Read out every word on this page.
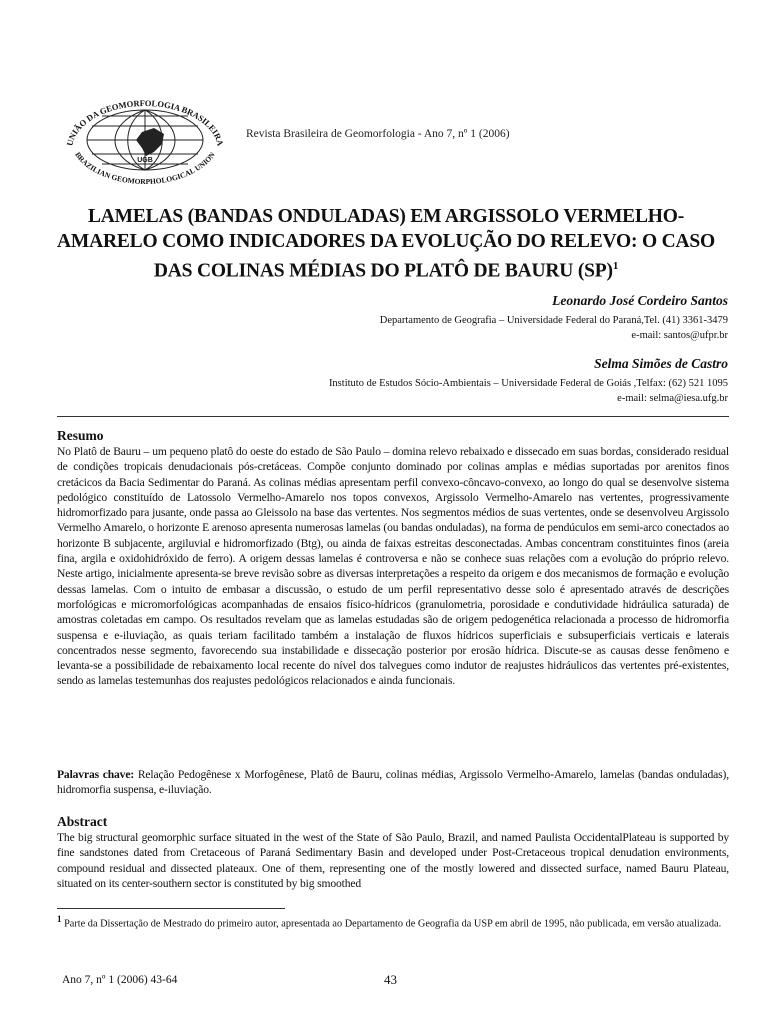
UNIÃO DA GEOMORFOLOGIA BRASILEIRA
BRAZILIAN GEOMORPHOLOGICAL UNION
UGB
Revista Brasileira de Geomorfologia - Ano 7, nº 1 (2006)
LAMELAS (BANDAS ONDULADAS) EM ARGISSOLO VERMELHO-AMARELO COMO INDICADORES DA EVOLUÇÃO DO RELEVO: O CASO DAS COLINAS MÉDIAS DO PLATÔ DE BAURU (SP)$^1$
Leonardo José Cordeiro Santos
Departamento de Geografia – Universidade Federal do Paraná,Tel. (41) 3361-3479
e-mail: santos@ufpr.br
Selma Simões de Castro
Instituto de Estudos Sócio-Ambientais – Universidade Federal de Goiás ,Telfax: (62) 521 1095
e-mail: selma@iesa.ufg.br
Resumo
No Platô de Bauru – um pequeno platô do oeste do estado de São Paulo – domina relevo rebaixado e dissecado em suas bordas, considerado residual de condições tropicais denudacionais pós-cretáceas. Compõe conjunto dominado por colinas amplas e médias suportadas por arenitos finos cretácicos da Bacia Sedimentar do Paraná. As colinas médias apresentam perfil convexo-côncavo-convexo, ao longo do qual se desenvolve sistema pedológico constituído de Latossolo Vermelho-Amarelo nos topos convexos, Argissolo Vermelho-Amarelo nas vertentes, progressivamente hidromorfizado para jusante, onde passa ao Gleissolo na base das vertentes. Nos segmentos médios de suas vertentes, onde se desenvolveu Argissolo Vermelho Amarelo, o horizonte E arenoso apresenta numerosas lamelas (ou bandas onduladas), na forma de pendúculos em semi-arco conectados ao horizonte B subjacente, argiluvial e hidromorfizado (Btg), ou ainda de faixas estreitas desconectadas. Ambas concentram constituintes finos (areia fina, argila e oxidohidróxido de ferro). A origem dessas lamelas é controversa e não se conhece suas relações com a evolução do próprio relevo. Neste artigo, inicialmente apresenta-se breve revisão sobre as diversas interpretações a respeito da origem e dos mecanismos de formação e evolução dessas lamelas. Com o intuito de embasar a discussão, o estudo de um perfil representativo desse solo é apresentado através de descrições morfológicas e micromorfológicas acompanhadas de ensaios físico-hídricos (granulometria, porosidade e condutividade hidráulica saturada) de amostras coletadas em campo. Os resultados revelam que as lamelas estudadas são de origem pedogenética relacionada a processo de hidromorfia suspensa e e-iluviação, as quais teriam facilitado também a instalação de fluxos hídricos superficiais e subsuperficiais verticais e laterais concentrados nesse segmento, favorecendo sua instabilidade e dissecação posterior por erosão hídrica. Discute-se as causas desse fenômeno e levanta-se a possibilidade de rebaixamento local recente do nível dos talvegues como indutor de reajustes hidráulicos das vertentes pré-existentes, sendo as lamelas testemunhas dos reajustes pedológicos relacionados e ainda funcionais.
Palavras chave: Relação Pedogênese x Morfogênese, Platô de Bauru, colinas médias, Argissolo Vermelho-Amarelo, lamelas (bandas onduladas), hidromorfia suspensa, e-iluviação.
Abstract
The big structural geomorphic surface situated in the west of the State of São Paulo, Brazil, and named Paulista OccidentalPlateau is supported by fine sandstones dated from Cretaceous of Paraná Sedimentary Basin and developed under Post-Cretaceous tropical denudation environments, compound residual and dissected plateaux. One of them, representing one of the mostly lowered and dissected surface, named Bauru Plateau, situated on its center-southern sector is constituted by big smoothed
1 Parte da Dissertação de Mestrado do primeiro autor, apresentada ao Departamento de Geografia da USP em abril de 1995, não publicada, em versão atualizada.
Ano 7, nº 1 (2006) 43-64	43
